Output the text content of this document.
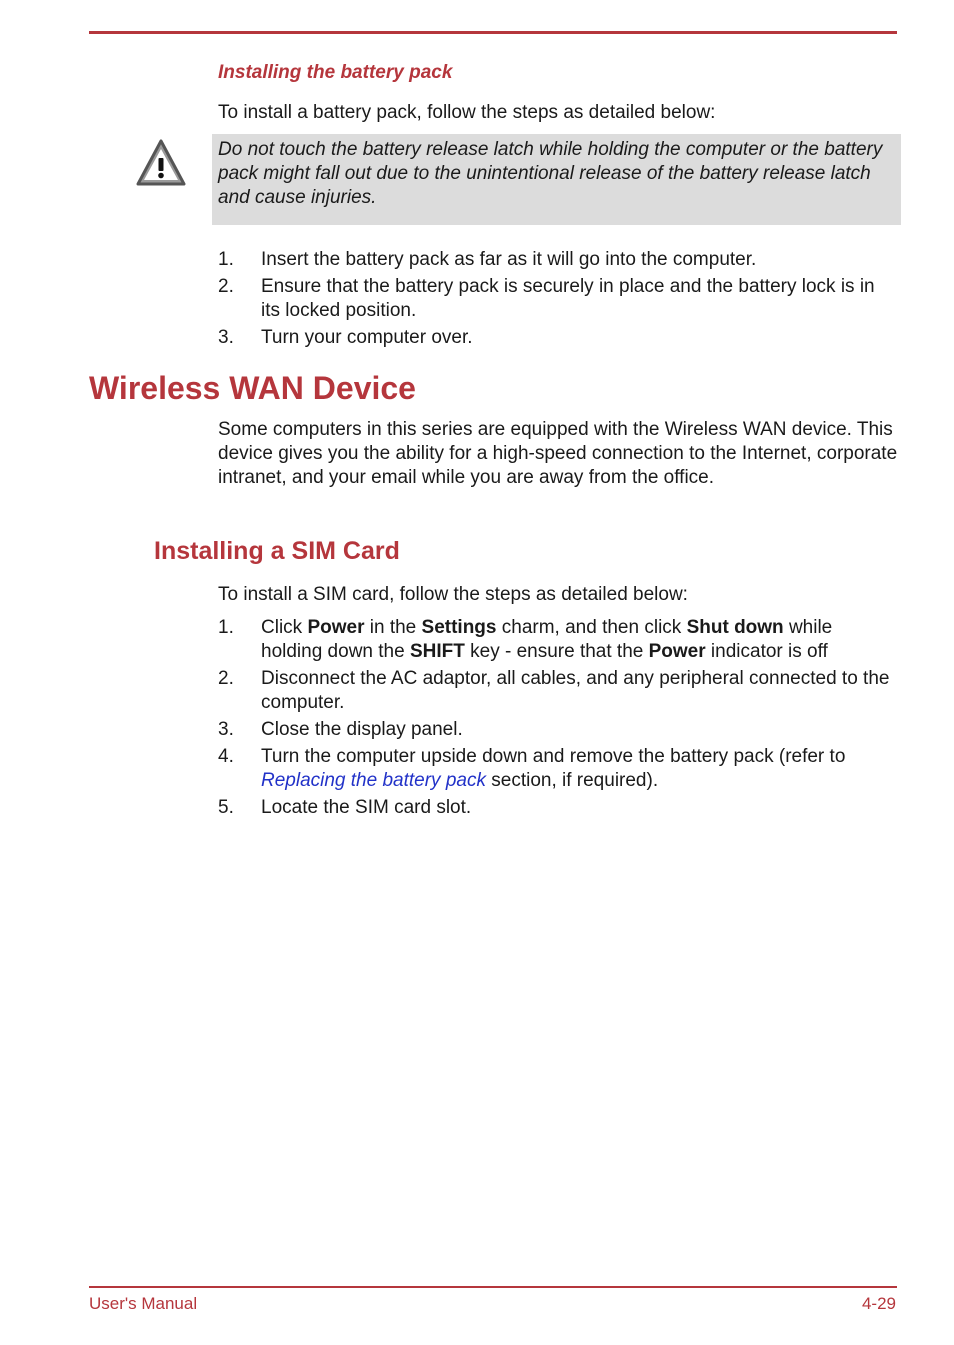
Installing the battery pack

To install a battery pack, follow the steps as detailed below:

Do not touch the battery release latch while holding the computer or the battery pack might fall out due to the unintentional release of the battery release latch and cause injuries.

1. Insert the battery pack as far as it will go into the computer.
2. Ensure that the battery pack is securely in place and the battery lock is in its locked position.
3. Turn your computer over.
Wireless WAN Device

Some computers in this series are equipped with the Wireless WAN device. This device gives you the ability for a high-speed connection to the Internet, corporate intranet, and your email while you are away from the office.

Installing a SIM Card

To install a SIM card, follow the steps as detailed below:

1. Click Power in the Settings charm, and then click Shut down while holding down the SHIFT key - ensure that the Power indicator is off
2. Disconnect the AC adaptor, all cables, and any peripheral connected to the computer.
3. Close the display panel.
4. Turn the computer upside down and remove the battery pack (refer to Replacing the battery pack section, if required).
5. Locate the SIM card slot.
User's Manual	4-29
